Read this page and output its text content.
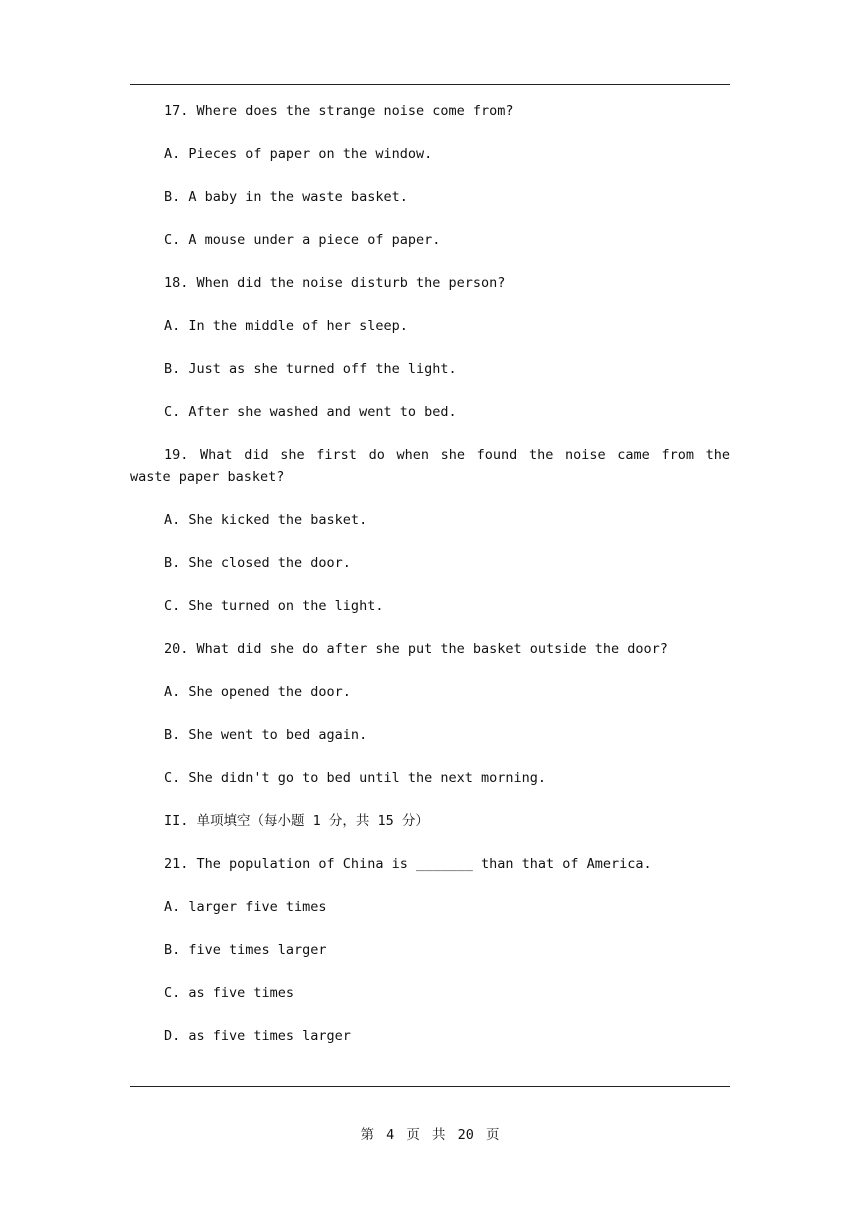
17. Where does the strange noise come from?

A. Pieces of paper on the window.

B. A baby in the waste basket.

C. A mouse under a piece of paper.

18. When did the noise disturb the person?

A. In the middle of her sleep.

B. Just as she turned off the light.

C. After she washed and went to bed.

19. What did she first do when she found the noise came from the waste paper basket?

A. She kicked the basket.

B. She closed the door.

C. She turned on the light.

20. What did she do after she put the basket outside the door?

A. She opened the door.

B. She went to bed again.

C. She didn't go to bed until the next morning.

II. 单项填空（每小题 1 分，共 15 分）

21. The population of China is _______ than that of America.

A. larger five times

B. five times larger

C. as five times

D. as five times larger

第 4 页 共 20 页
